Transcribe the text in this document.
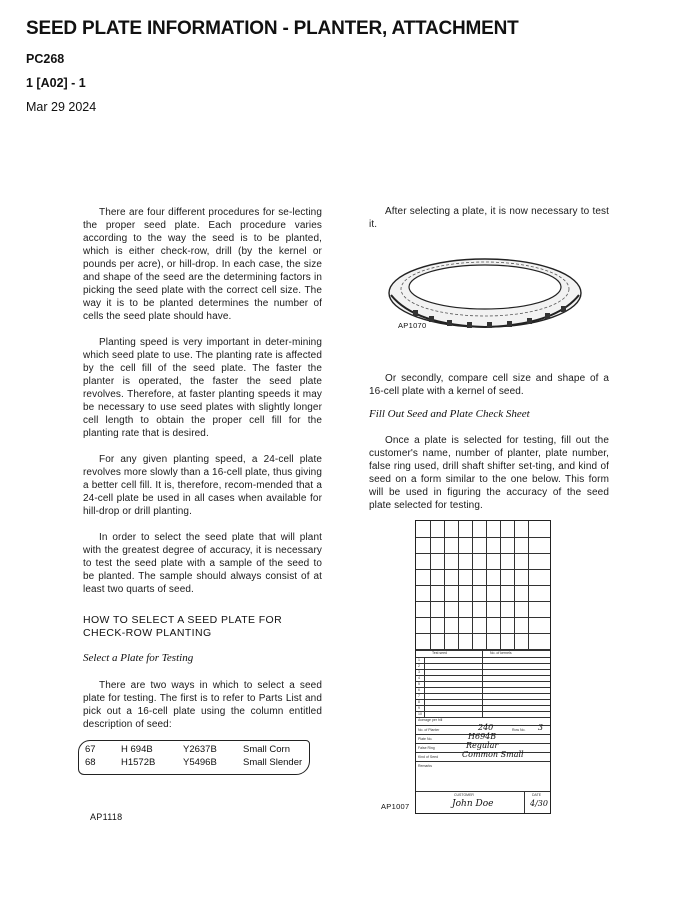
SEED PLATE INFORMATION - PLANTER, ATTACHMENT
PC268
1 [A02] - 1
Mar 29 2024

There are four different procedures for se-lecting the proper seed plate. Each procedure varies according to the way the seed is to be planted, which is either check-row, drill (by the kernel or pounds per acre), or hill-drop. In each case, the size and shape of the seed are the determining factors in picking the seed plate with the correct cell size. The way it is to be planted determines the number of cells the seed plate should have.

Planting speed is very important in deter-mining which seed plate to use. The planting rate is affected by the cell fill of the seed plate. The faster the planter is operated, the faster the seed plate revolves. Therefore, at faster planting speeds it may be necessary to use seed plates with slightly longer cell length to obtain the proper cell fill for the planting rate that is desired.

For any given planting speed, a 24-cell plate revolves more slowly than a 16-cell plate, thus giving a better cell fill. It is, therefore, recom-mended that a 24-cell plate be used in all cases when available for hill-drop or drill planting.

In order to select the seed plate that will plant with the greatest degree of accuracy, it is necessary to test the seed plate with a sample of the seed to be planted. The sample should always consist of at least two quarts of seed.

HOW TO SELECT A SEED PLATE FOR
CHECK-ROW PLANTING
Select a Plate for Testing

There are two ways in which to select a seed plate for testing. The first is to refer to Parts List and pick out a 16-cell plate using the column entitled description of seed:

67	H 694B	Y2637B	Small Corn
68	H1572B	Y5496B	Small Slender
AP1118

After selecting a plate, it is now necessary to test it.

AP1070

Or secondly, compare cell size and shape of a 16-cell plate with a kernel of seed.

Fill Out Seed and Plate Check Sheet

Once a plate is selected for testing, fill out the customer's name, number of planter, plate number, false ring used, drill shaft shifter set-ting, and kind of seed on a form similar to the one below. This form will be used in figuring the accuracy of the seed plate selected for testing.

Test seed	No. of kernels
1
2
3
4
5
6
7
8
9
10
Average per hill
No. of Planter	240	Row No. 3
Plate No.	H694B
False Ring	Regular
Kind of Seed	Common Small
Remarks
CUSTOMER	DATE
John Doe	4/30
AP1007
